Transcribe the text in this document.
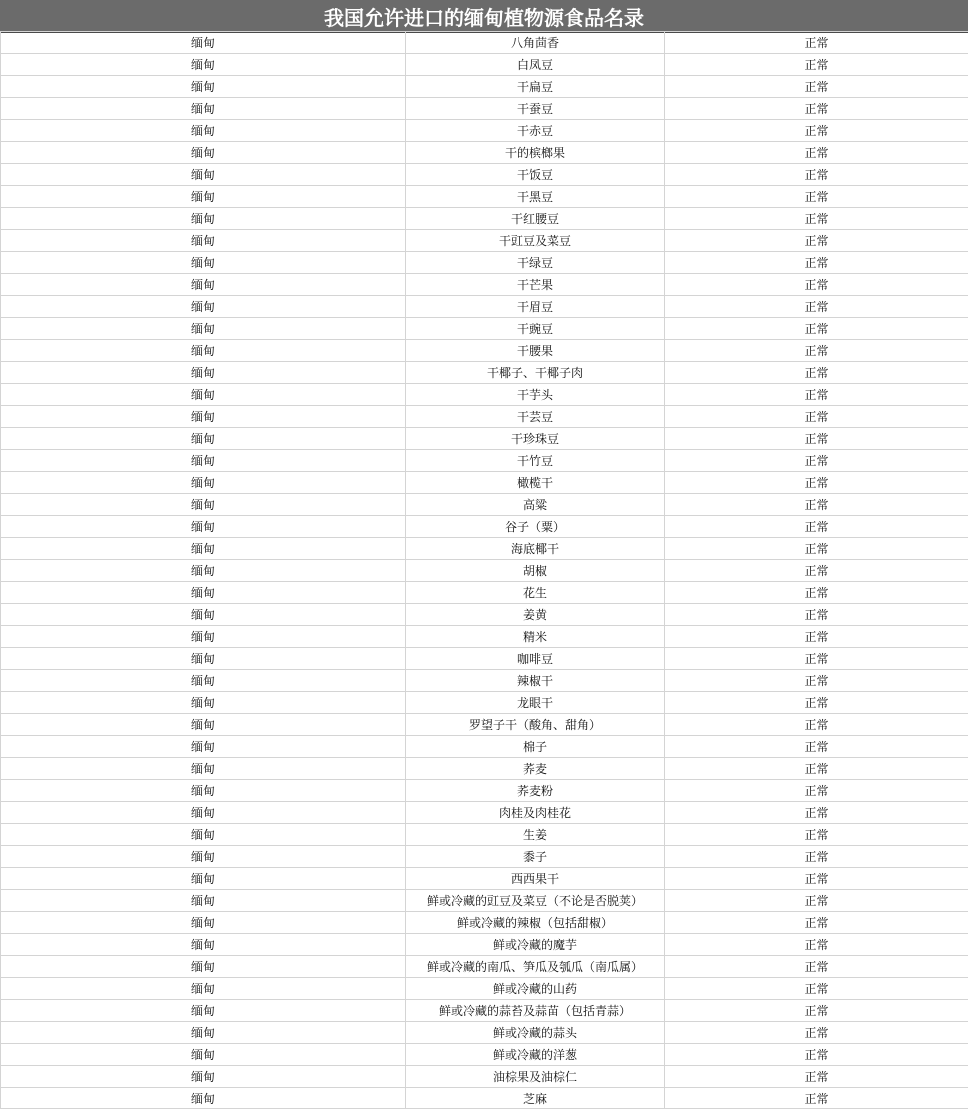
我国允许进口的缅甸植物源食品名录
缅甸	八角茴香	正常
缅甸	白凤豆	正常
缅甸	干扁豆	正常
缅甸	干蚕豆	正常
缅甸	干赤豆	正常
缅甸	干的槟榔果	正常
缅甸	干饭豆	正常
缅甸	干黑豆	正常
缅甸	干红腰豆	正常
缅甸	干豇豆及菜豆	正常
缅甸	干绿豆	正常
缅甸	干芒果	正常
缅甸	干眉豆	正常
缅甸	干豌豆	正常
缅甸	干腰果	正常
缅甸	干椰子、干椰子肉	正常
缅甸	干芋头	正常
缅甸	干芸豆	正常
缅甸	干珍珠豆	正常
缅甸	干竹豆	正常
缅甸	橄榄干	正常
缅甸	高粱	正常
缅甸	谷子（粟）	正常
缅甸	海底椰干	正常
缅甸	胡椒	正常
缅甸	花生	正常
缅甸	姜黄	正常
缅甸	精米	正常
缅甸	咖啡豆	正常
缅甸	辣椒干	正常
缅甸	龙眼干	正常
缅甸	罗望子干（酸角、甜角）	正常
缅甸	棉子	正常
缅甸	荞麦	正常
缅甸	荞麦粉	正常
缅甸	肉桂及肉桂花	正常
缅甸	生姜	正常
缅甸	黍子	正常
缅甸	西西果干	正常
缅甸	鲜或冷藏的豇豆及菜豆（不论是否脱荚）	正常
缅甸	鲜或冷藏的辣椒（包括甜椒）	正常
缅甸	鲜或冷藏的魔芋	正常
缅甸	鲜或冷藏的南瓜、笋瓜及瓠瓜（南瓜属）	正常
缅甸	鲜或冷藏的山药	正常
缅甸	鲜或冷藏的蒜苔及蒜苗（包括青蒜）	正常
缅甸	鲜或冷藏的蒜头	正常
缅甸	鲜或冷藏的洋葱	正常
缅甸	油棕果及油棕仁	正常
缅甸	芝麻	正常
